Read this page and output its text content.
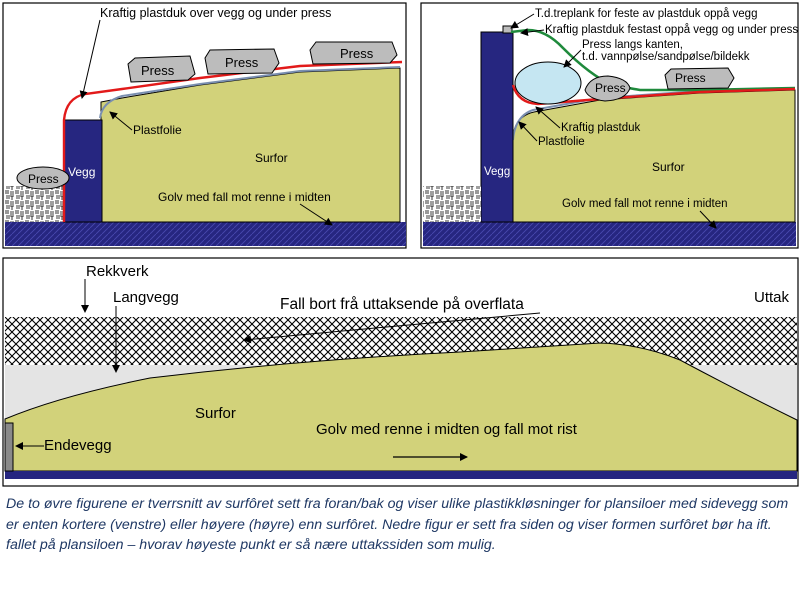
Press
Press
Press
Press
Kraftig plastduk over vegg og under press
Vegg
Plastfolie
Surfor
Golv med fall mot renne i midten
Press
Press
T.d.treplank for feste av plastduk oppå vegg
Kraftig plastduk festast oppå vegg og under press
Press langs kanten,
t.d. vannpølse/sandpølse/bildekk
Kraftig plastduk
Plastfolie
Vegg	Surfor
Golv med fall mot renne i midten
Rekkverk
Langvegg	Fall bort frå uttaksende på overflata	Uttak
Surfor
Golv med renne i midten og fall mot rist
Endevegg
De to øvre figurene er tverrsnitt av surfôret sett fra foran/bak og viser ulike plastikkløsninger for plansiloer med sidevegg som er enten kortere (venstre) eller høyere (høyre) enn surfôret. Nedre figur er sett fra siden og viser formen surfôret bør ha ift. fallet på plansiloen – hvorav høyeste punkt er så nære uttakssiden som mulig.
